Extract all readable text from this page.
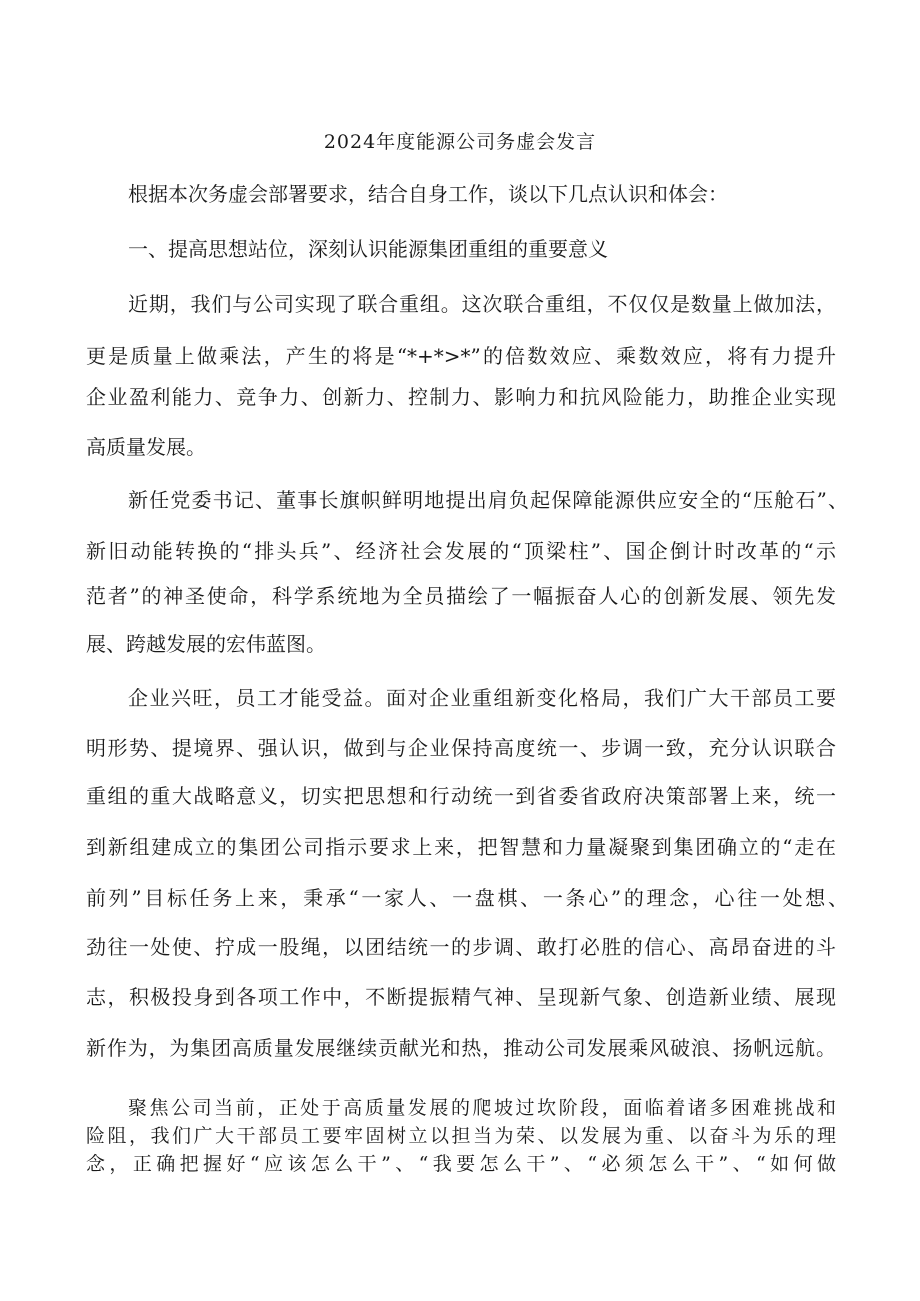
2024年度能源公司务虚会发言
根据本次务虚会部署要求，结合自身工作，谈以下几点认识和体会：
一、提高思想站位，深刻认识能源集团重组的重要意义
近期，我们与公司实现了联合重组。这次联合重组，不仅仅是数量上做加法，
更是质量上做乘法，产生的将是“*+*>*”的倍数效应、乘数效应，将有力提升
企业盈利能力、竞争力、创新力、控制力、影响力和抗风险能力，助推企业实现
高质量发展。
新任党委书记、董事长旗帜鲜明地提出肩负起保障能源供应安全的“压舱石”、
新旧动能转换的“排头兵”、经济社会发展的“顶梁柱”、国企倒计时改革的“示
范者”的神圣使命，科学系统地为全员描绘了一幅振奋人心的创新发展、领先发
展、跨越发展的宏伟蓝图。
企业兴旺，员工才能受益。面对企业重组新变化格局，我们广大干部员工要
明形势、提境界、强认识，做到与企业保持高度统一、步调一致，充分认识联合
重组的重大战略意义，切实把思想和行动统一到省委省政府决策部署上来，统一
到新组建成立的集团公司指示要求上来，把智慧和力量凝聚到集团确立的“走在
前列”目标任务上来，秉承“一家人、一盘棋、一条心”的理念，心往一处想、
劲往一处使、拧成一股绳，以团结统一的步调、敢打必胜的信心、高昂奋进的斗
志，积极投身到各项工作中，不断提振精气神、呈现新气象、创造新业绩、展现
新作为，为集团高质量发展继续贡献光和热，推动公司发展乘风破浪、扬帆远航。
聚焦公司当前，正处于高质量发展的爬坡过坎阶段，面临着诸多困难挑战和
险阻，我们广大干部员工要牢固树立以担当为荣、以发展为重、以奋斗为乐的理
念，正确把握好“应该怎么干”、“我要怎么干”、“必须怎么干”、“如何做
